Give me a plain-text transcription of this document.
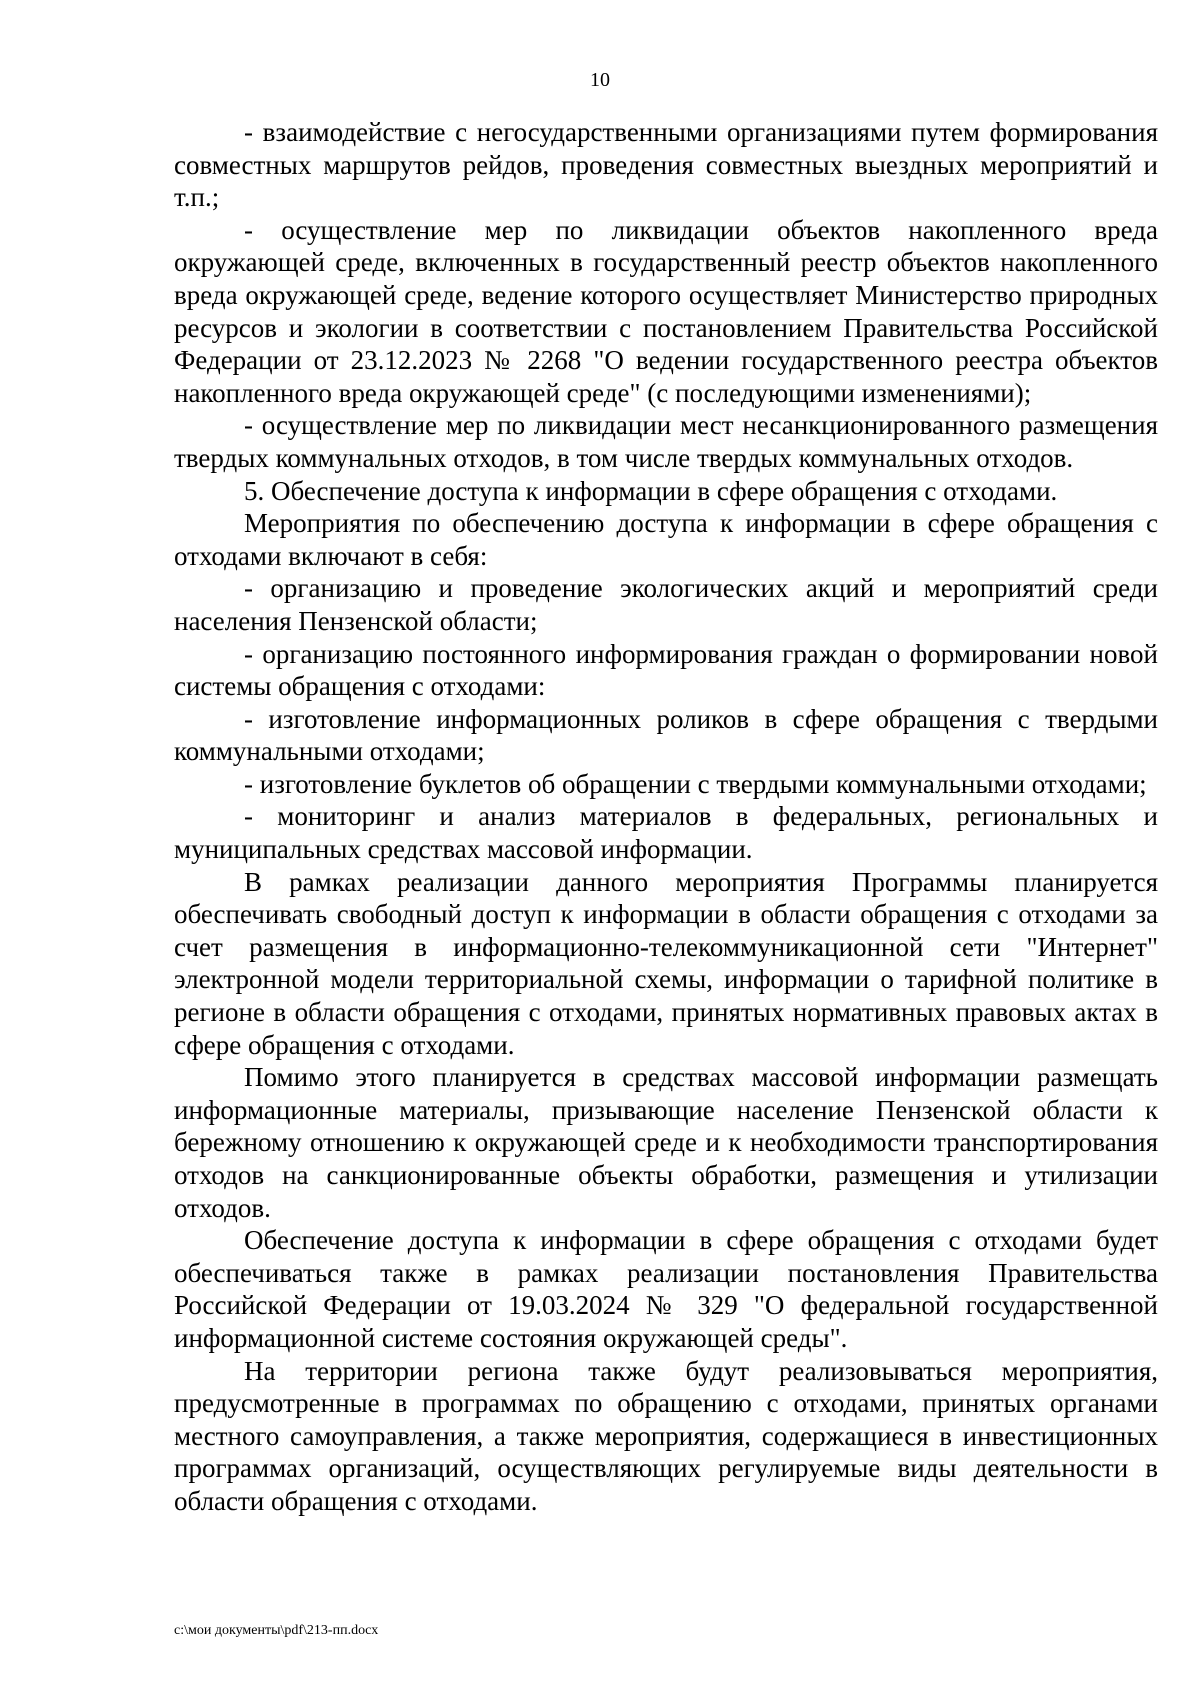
10

- взаимодействие с негосударственными организациями путем формирования совместных маршрутов рейдов, проведения совместных выездных мероприятий и т.п.;

- осуществление мер по ликвидации объектов накопленного вреда окружающей среде, включенных в государственный реестр объектов накопленного вреда окружающей среде, ведение которого осуществляет Министерство природных ресурсов и экологии в соответствии с постановлением Правительства Российской Федерации от 23.12.2023 № 2268 "О ведении государственного реестра объектов накопленного вреда окружающей среде" (с последующими изменениями);

- осуществление мер по ликвидации мест несанкционированного размещения твердых коммунальных отходов, в том числе твердых коммунальных отходов.

5. Обеспечение доступа к информации в сфере обращения с отходами.

Мероприятия по обеспечению доступа к информации в сфере обращения с отходами включают в себя:

- организацию и проведение экологических акций и мероприятий среди населения Пензенской области;

- организацию постоянного информирования граждан о формировании новой системы обращения с отходами:

- изготовление информационных роликов в сфере обращения с твердыми коммунальными отходами;

- изготовление буклетов об обращении с твердыми коммунальными отходами;

- мониторинг и анализ материалов в федеральных, региональных и муниципальных средствах массовой информации.

В рамках реализации данного мероприятия Программы планируется обеспечивать свободный доступ к информации в области обращения с отходами за счет размещения в информационно-телекоммуникационной сети "Интернет" электронной модели территориальной схемы, информации о тарифной политике в регионе в области обращения с отходами, принятых нормативных правовых актах в сфере обращения с отходами.

Помимо этого планируется в средствах массовой информации размещать информационные материалы, призывающие население Пензенской области к бережному отношению к окружающей среде и к необходимости транспортирования отходов на санкционированные объекты обработки, размещения и утилизации отходов.

Обеспечение доступа к информации в сфере обращения с отходами будет обеспечиваться также в рамках реализации постановления Правительства Российской Федерации от 19.03.2024 № 329 "О федеральной государственной информационной системе состояния окружающей среды".

На территории региона также будут реализовываться мероприятия, предусмотренные в программах по обращению с отходами, принятых органами местного самоуправления, а также мероприятия, содержащиеся в инвестиционных программах организаций, осуществляющих регулируемые виды деятельности в области обращения с отходами.

c:\мои документы\pdf\213-пп.docx
